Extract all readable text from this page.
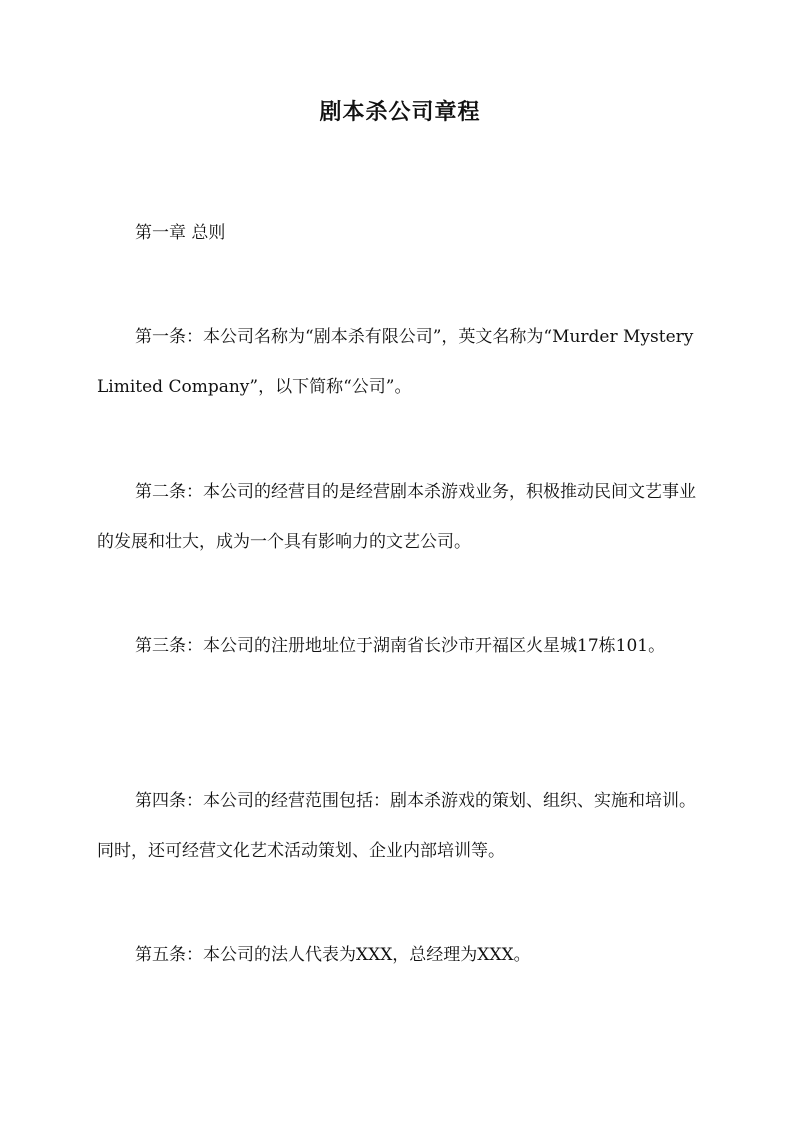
剧本杀公司章程
第一章 总则
第一条：本公司名称为“剧本杀有限公司”，英文名称为“Murder Mystery Limited Company”，以下简称“公司”。
第二条：本公司的经营目的是经营剧本杀游戏业务，积极推动民间文艺事业的发展和壮大，成为一个具有影响力的文艺公司。
第三条：本公司的注册地址位于湖南省长沙市开福区火星城17栋101。
第四条：本公司的经营范围包括：剧本杀游戏的策划、组织、实施和培训。同时，还可经营文化艺术活动策划、企业内部培训等。
第五条：本公司的法人代表为XXX，总经理为XXX。
